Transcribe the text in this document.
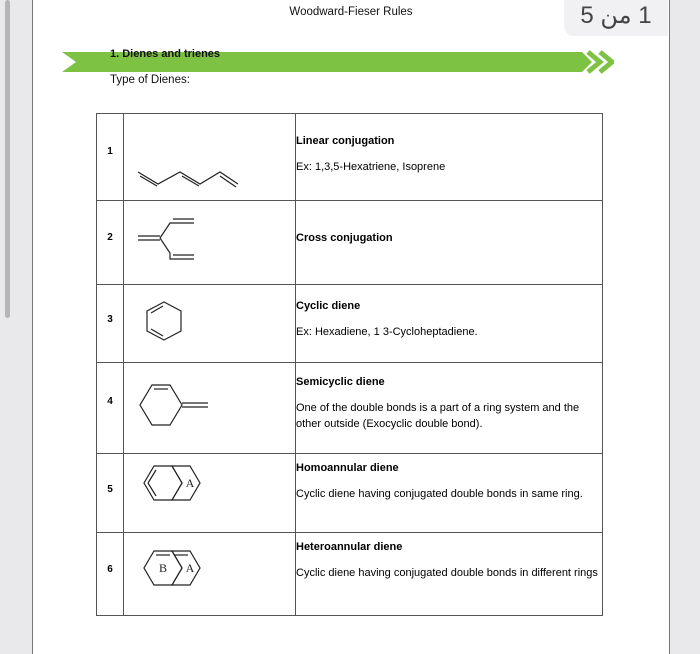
Woodward-Fieser Rules	1 من 5
1. Dienes and trienes
Type of Dienes:
1		Linear conjugation
Ex: 1,3,5-Hexatriene, Isoprene

2		Cross conjugation

3		Cyclic diene
Ex: Hexadiene, 1 3-Cycloheptadiene.

4		Semicyclic diene
One of the double bonds is a part of a ring system and the other outside (Exocyclic double bond).

5	A	Homoannular diene
Cyclic diene having conjugated double bonds in same ring.

6	B A	Heteroannular diene
Cyclic diene having conjugated double bonds in different rings
